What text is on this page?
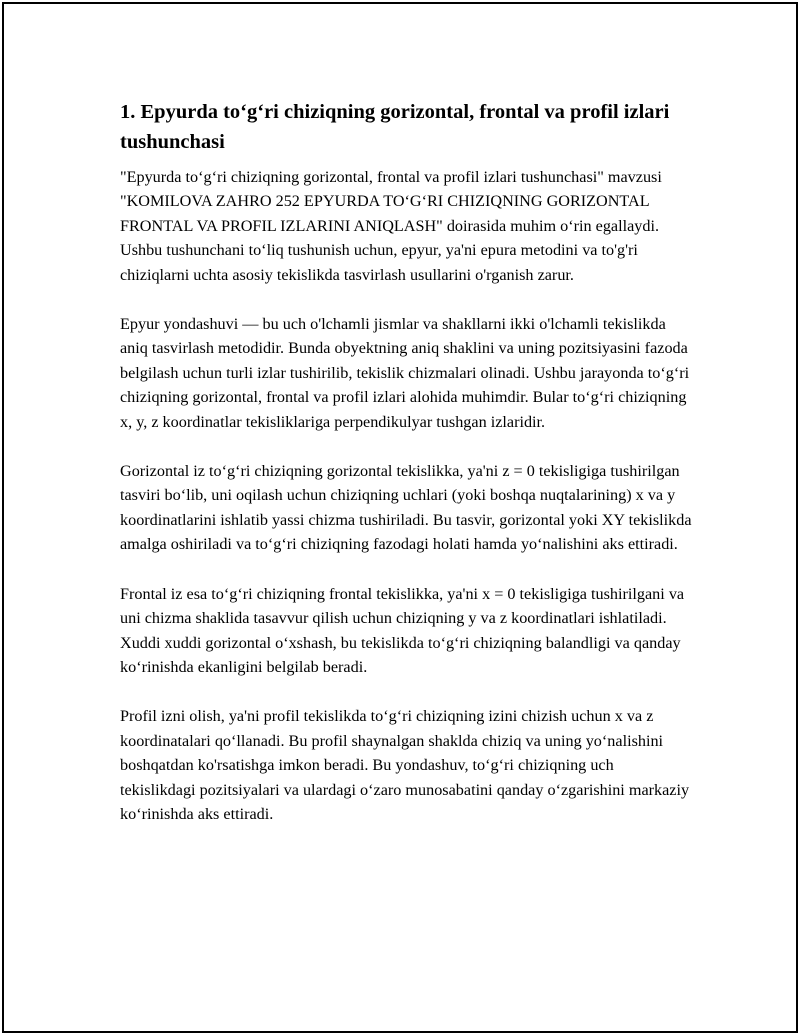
1. Epyurda to‘g‘ri chiziqning gorizontal, frontal va profil izlari tushunchasi

"Epyurda to‘g‘ri chiziqning gorizontal, frontal va profil izlari tushunchasi" mavzusi "KOMILOVA ZAHRO 252 EPYURDA TO‘G‘RI CHIZIQNING GORIZONTAL FRONTAL VA PROFIL IZLARINI ANIQLASH" doirasida muhim o‘rin egallaydi. Ushbu tushunchani to‘liq tushunish uchun, epyur, ya'ni epura metodini va to'g'ri chiziqlarni uchta asosiy tekislikda tasvirlash usullarini o'rganish zarur.

Epyur yondashuvi — bu uch o'lchamli jismlar va shakllarni ikki o'lchamli tekislikda aniq tasvirlash metodidir. Bunda obyektning aniq shaklini va uning pozitsiyasini fazoda belgilash uchun turli izlar tushirilib, tekislik chizmalari olinadi. Ushbu jarayonda to‘g‘ri chiziqning gorizontal, frontal va profil izlari alohida muhimdir. Bular to‘g‘ri chiziqning x, y, z koordinatlar tekisliklariga perpendikulyar tushgan izlaridir.

Gorizontal iz to‘g‘ri chiziqning gorizontal tekislikka, ya'ni z = 0 tekisligiga tushirilgan tasviri bo‘lib, uni oqilash uchun chiziqning uchlari (yoki boshqa nuqtalarining) x va y koordinatlarini ishlatib yassi chizma tushiriladi. Bu tasvir, gorizontal yoki XY tekislikda amalga oshiriladi va to‘g‘ri chiziqning fazodagi holati hamda yo‘nalishini aks ettiradi.

Frontal iz esa to‘g‘ri chiziqning frontal tekislikka, ya'ni x = 0 tekisligiga tushirilgani va uni chizma shaklida tasavvur qilish uchun chiziqning y va z koordinatlari ishlatiladi. Xuddi xuddi gorizontal o‘xshash, bu tekislikda to‘g‘ri chiziqning balandligi va qanday ko‘rinishda ekanligini belgilab beradi.

Profil izni olish, ya'ni profil tekislikda to‘g‘ri chiziqning izini chizish uchun x va z koordinatalari qo‘llanadi. Bu profil shaynalgan shaklda chiziq va uning yo‘nalishini boshqatdan ko'rsatishga imkon beradi. Bu yondashuv, to‘g‘ri chiziqning uch tekislikdagi pozitsiyalari va ulardagi o‘zaro munosabatini qanday o‘zgarishini markaziy ko‘rinishda aks ettiradi.
